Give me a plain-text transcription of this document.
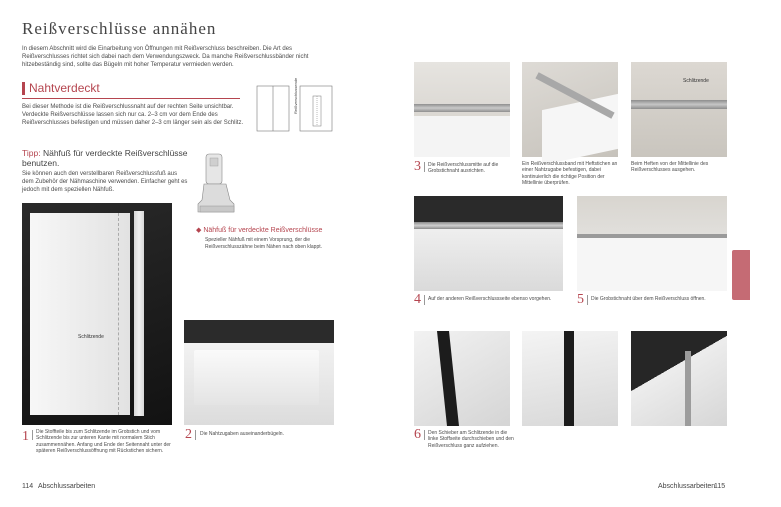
Reißverschlüsse annähen
In diesem Abschnitt wird die Einarbeitung von Öffnungen mit Reißverschluss beschreiben. Die Art des Reißverschlusses richtet sich dabei nach dem Verwendungszweck. Da manche Reißverschlussbänder nicht hitzebeständig sind, sollte das Bügeln mit hoher Temperatur vermieden werden.
Nahtverdeckt
Bei dieser Methode ist die Reißverschlussnaht auf der rechten Seite unsichtbar. Verdeckte Reißverschlüsse lassen sich nur ca. 2–3 cm vor dem Ende des Reißverschlusses befestigen und müssen daher 2–3 cm länger sein als der Schlitz.
Tipp: Nähfuß für verdeckte Reißverschlüsse benutzen.
Sie können auch den verstellbaren Reißverschlussfuß aus dem Zubehör der Nähmaschine verwenden. Einfacher geht es jedoch mit dem speziellen Nähfuß.
Reißverschlussende
◆ Nähfuß für verdeckte Reißverschlüsse
Spezieller Nähfuß mit einem Vorsprung, der die Reißverschlusszähne beim Nähen nach oben klappt.
Schlitzende
1 Die Stoffteile bis zum Schlitzende im Grobstich und vom Schlitzende bis zur unteren Kante mit normalem Stich zusammennähen. Anfang und Ende der Seitennaht unter der späteren Reißverschlussöffnung mit Rückstichen sichern.
2 Die Nahtzugaben auseinanderbügeln.
114 Abschlussarbeiten
3 Die Reißverschlussmitte auf die Grobstichnaht ausrichten.
Ein Reißverschlussband mit Heftstichen an einer Nahtzugabe befestigen, dabei kontinuierlich die richtige Position der Mittellinie überprüfen.
Schlitzende
Beim Heften von der Mittellinie des Reißverschlusses ausgehen.
4 Auf der anderen Reißverschlussseite ebenso vorgehen.	5 Die Grobstichnaht über dem Reißverschluss öffnen.
6 Den Schieber am Schlitzende in die linke Stoffseite durchschieben und den Reißverschluss ganz aufziehen.
Reißverschlüsse annähen
Abschlussarbeiten
115
